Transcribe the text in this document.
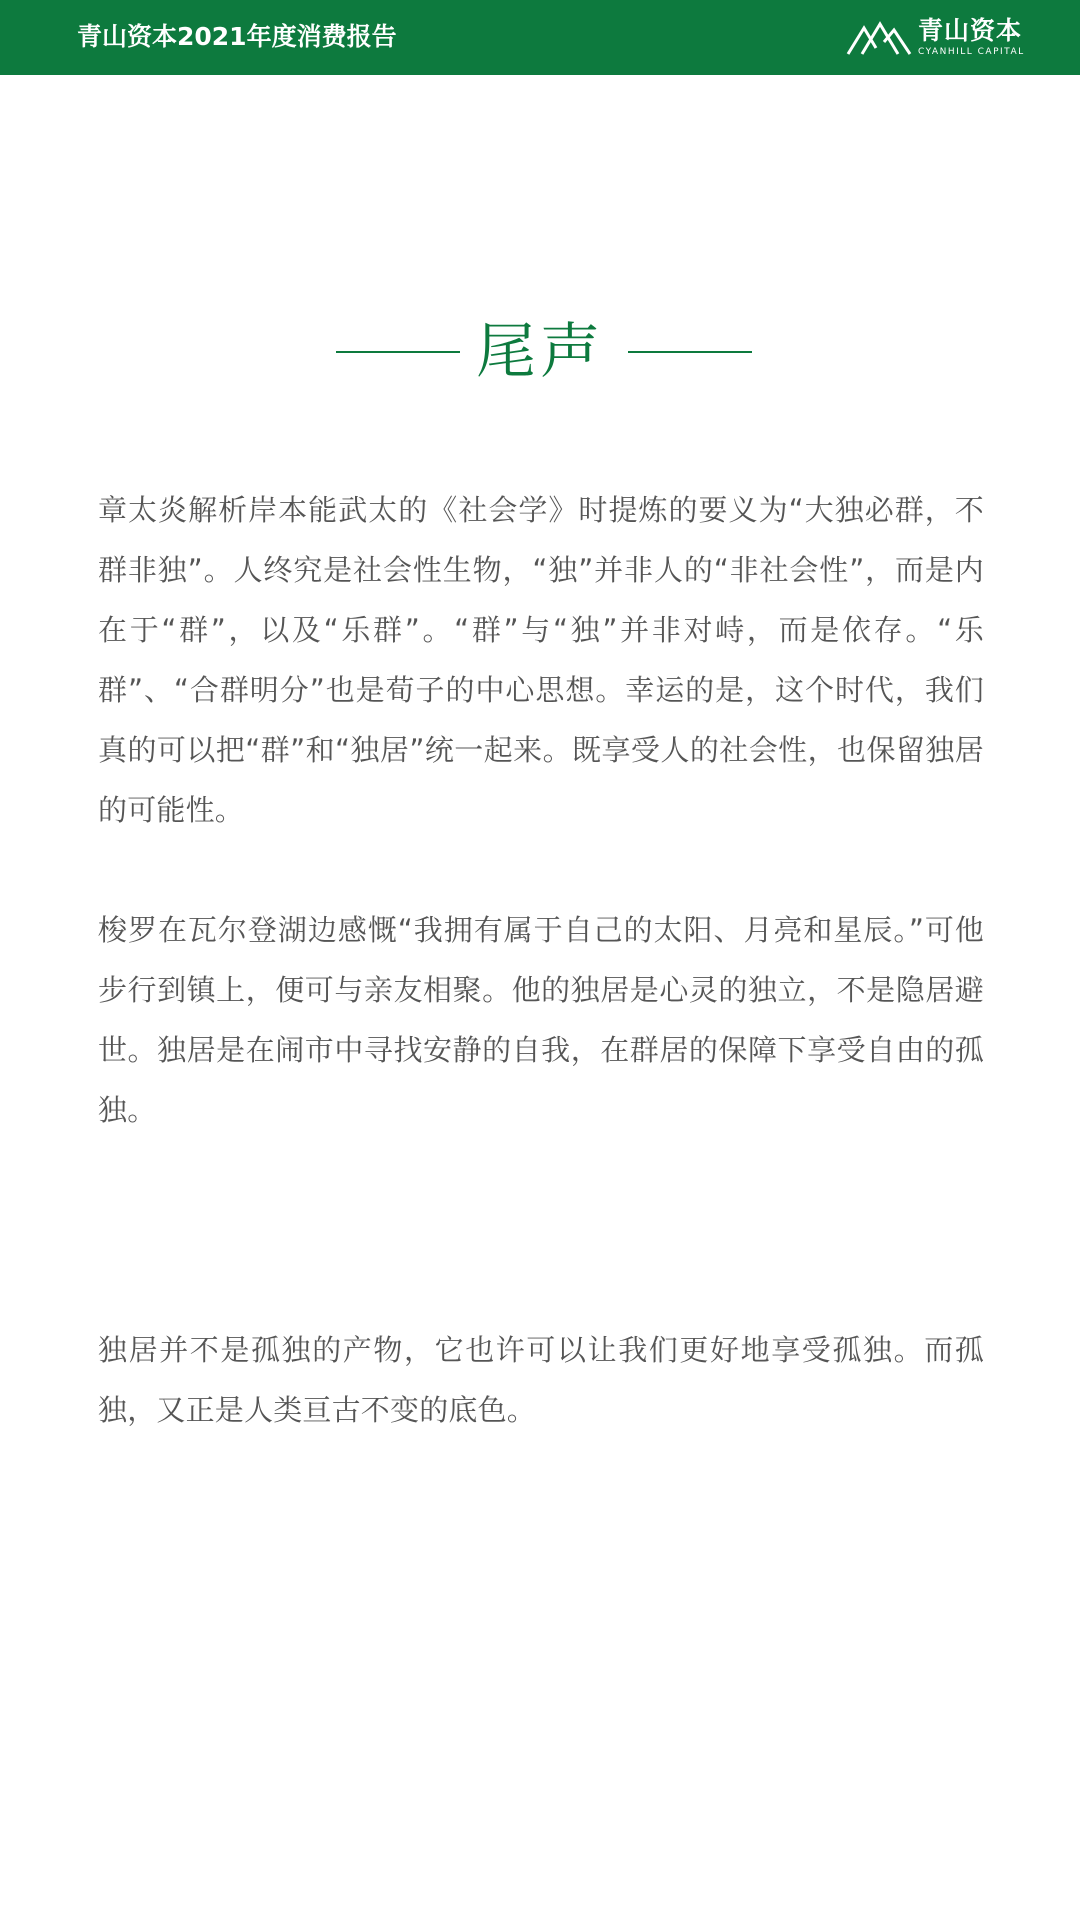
青山资本2021年度消费报告	青山资本
CYANHILL CAPITAL
尾声

章太炎解析岸本能武太的《社会学》时提炼的要义为“大独必群，不群非独”。人终究是社会性生物，“独”并非人的“非社会性”，而是内在于“群”，以及“乐群”。“群”与“独”并非对峙，而是依存。“乐群”、“合群明分”也是荀子的中心思想。幸运的是，这个时代，我们真的可以把“群”和“独居”统一起来。既享受人的社会性，也保留独居的可能性。

梭罗在瓦尔登湖边感慨“我拥有属于自己的太阳、月亮和星辰。”可他步行到镇上，便可与亲友相聚。他的独居是心灵的独立，不是隐居避世。独居是在闹市中寻找安静的自我，在群居的保障下享受自由的孤独。

独居并不是孤独的产物，它也许可以让我们更好地享受孤独。而孤独，又正是人类亘古不变的底色。
